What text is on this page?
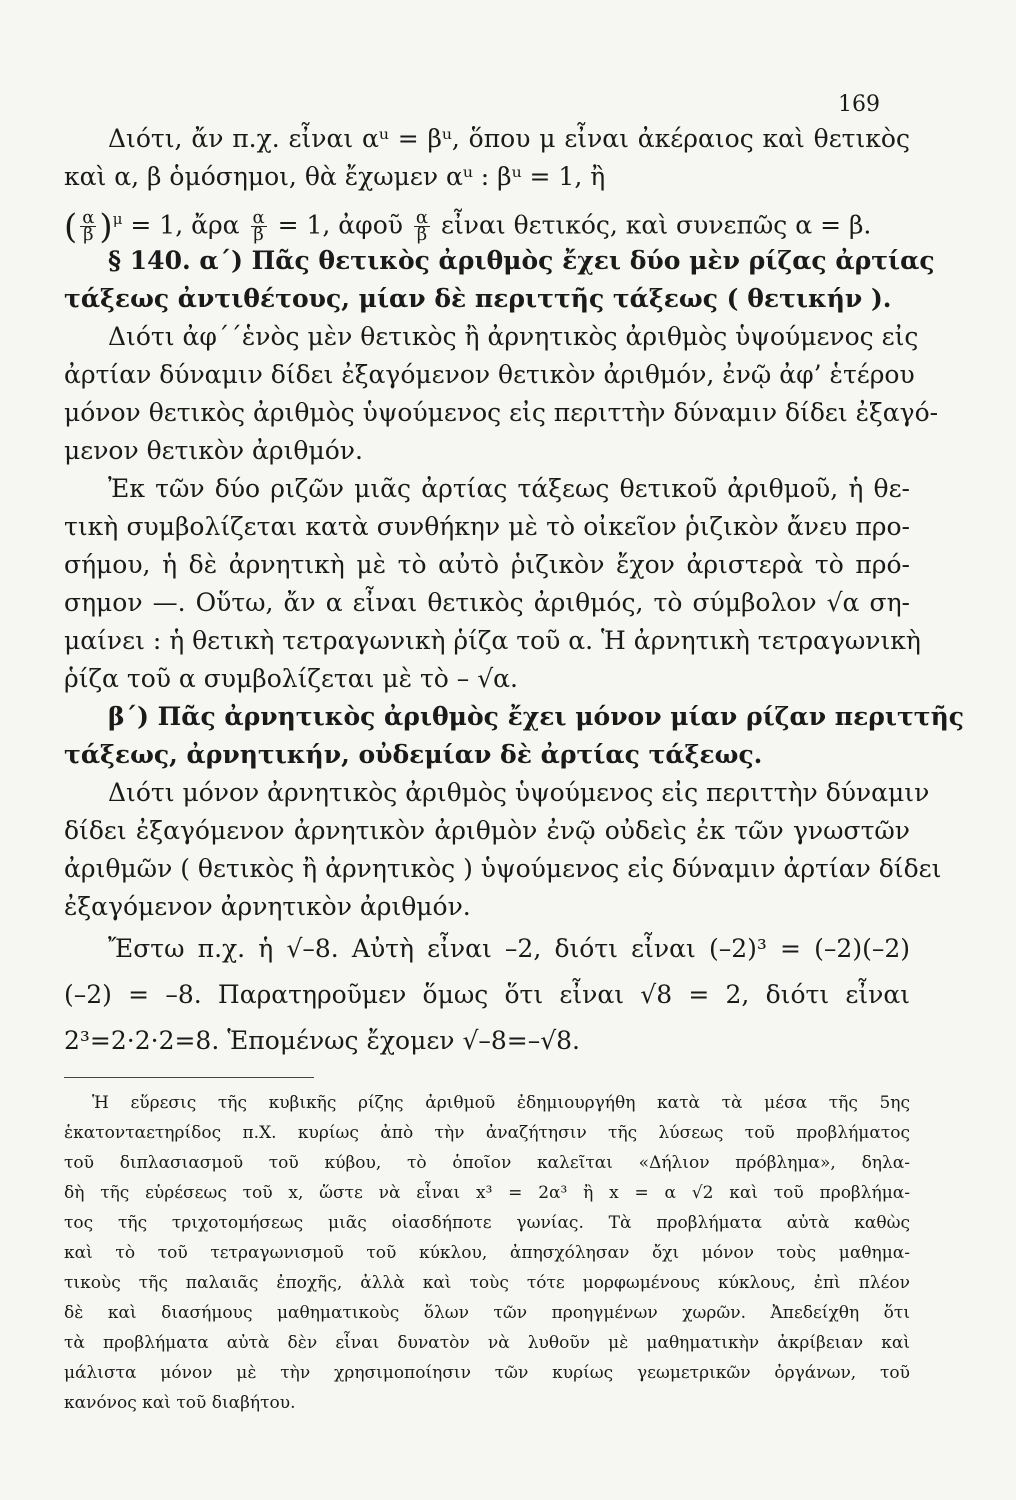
169
Διότι, ἄν π.χ. εἶναι αᵘ = βᵘ, ὅπου μ εἶναι ἀκέραιος καὶ θετικὸς
καὶ α, β ὁμόσημοι, θὰ ἔχωμεν αᵘ : βᵘ = 1, ἢ
( $\frac{\alpha}{\beta} )^\mu = 1$, ἄρα $\frac{\alpha}{\beta} = 1$, ἀφοῦ $\frac{\alpha}{\beta}$ εἶναι θετικός, καὶ συνεπῶς α = β.
§ 140. α΄) Πᾶς θετικὸς ἀριθμὸς ἔχει δύο μὲν ρίζας ἀρτίας
τάξεως ἀντιθέτους, μίαν δὲ περιττῆς τάξεως ( θετικήν ).
Διότι ἀφ΄΄ἑνὸς μὲν θετικὸς ἢ ἀρνητικὸς ἀριθμὸς ὑψούμενος εἰς
ἀρτίαν δύναμιν δίδει ἐξαγόμενον θετικὸν ἀριθμόν, ἐνῷ ἀφ’ ἑτέρου
μόνον θετικὸς ἀριθμὸς ὑψούμενος εἰς περιττὴν δύναμιν δίδει ἐξαγό-
μενον θετικὸν ἀριθμόν.
Ἐκ τῶν δύο ριζῶν μιᾶς ἀρτίας τάξεως θετικοῦ ἀριθμοῦ, ἡ θε-
τικὴ συμβολίζεται κατὰ συνθήκην μὲ τὸ οἰκεῖον ῥιζικὸν ἄνευ προ-
σήμου, ἡ δὲ ἀρνητικὴ μὲ τὸ αὐτὸ ῥιζικὸν ἔχον ἀριστερὰ τὸ πρό-
σημον —. Οὕτω, ἄν α εἶναι θετικὸς ἀριθμός, τὸ σύμβολον √α ση-
μαίνει : ἡ θετικὴ τετραγωνικὴ ῥίζα τοῦ α. Ἡ ἀρνητικὴ τετραγωνικὴ
ῥίζα τοῦ α συμβολίζεται μὲ τὸ – √α.
β΄) Πᾶς ἀρνητικὸς ἀριθμὸς ἔχει μόνον μίαν ρίζαν περιττῆς
τάξεως, ἀρνητικήν, οὐδεμίαν δὲ ἀρτίας τάξεως.
Διότι μόνον ἀρνητικὸς ἀριθμὸς ὑψούμενος εἰς περιττὴν δύναμιν
δίδει ἐξαγόμενον ἀρνητικὸν ἀριθμὸν ἐνῷ οὐδεὶς ἐκ τῶν γνωστῶν
ἀριθμῶν ( θετικὸς ἢ ἀρνητικὸς ) ὑψούμενος εἰς δύναμιν ἀρτίαν δίδει
ἐξαγόμενον ἀρνητικὸν ἀριθμόν.
Ἔστω π.χ. ἡ √–8. Αὐτὴ εἶναι –2, διότι εἶναι (–2)³ = (–2)(–2)
(–2) = –8. Παρατηροῦμεν ὅμως ὅτι εἶναι √8 = 2, διότι εἶναι
2³=2·2·2=8. Ἑπομένως ἔχομεν √–8=–√8.
Ἡ εὕρεσις τῆς κυβικῆς ρίζης ἀριθμοῦ ἐδημιουργήθη κατὰ τὰ μέσα τῆς 5ης
ἑκατονταετηρίδος π.Χ. κυρίως ἀπὸ τὴν ἀναζήτησιν τῆς λύσεως τοῦ προβλήματος
τοῦ διπλασιασμοῦ τοῦ κύβου, τὸ ὁποῖον καλεῖται «Δήλιον πρόβλημα», δηλα-
δὴ τῆς εὑρέσεως τοῦ x, ὥστε νὰ εἶναι x³ = 2α³ ἢ x = α √2 καὶ τοῦ προβλήμα-
τος τῆς τριχοτομήσεως μιᾶς οἱασδήποτε γωνίας. Τὰ προβλήματα αὐτὰ καθὼς
καὶ τὸ τοῦ τετραγωνισμοῦ τοῦ κύκλου, ἀπησχόλησαν ὄχι μόνον τοὺς μαθημα-
τικοὺς τῆς παλαιᾶς ἐποχῆς, ἀλλὰ καὶ τοὺς τότε μορφωμένους κύκλους, ἐπὶ πλέον
δὲ καὶ διασήμους μαθηματικοὺς ὅλων τῶν προηγμένων χωρῶν. Ἀπεδείχθη ὅτι
τὰ προβλήματα αὐτὰ δὲν εἶναι δυνατὸν νὰ λυθοῦν μὲ μαθηματικὴν ἀκρίβειαν καὶ
μάλιστα μόνον μὲ τὴν χρησιμοποίησιν τῶν κυρίως γεωμετρικῶν ὀργάνων, τοῦ
κανόνος καὶ τοῦ διαβήτου.
